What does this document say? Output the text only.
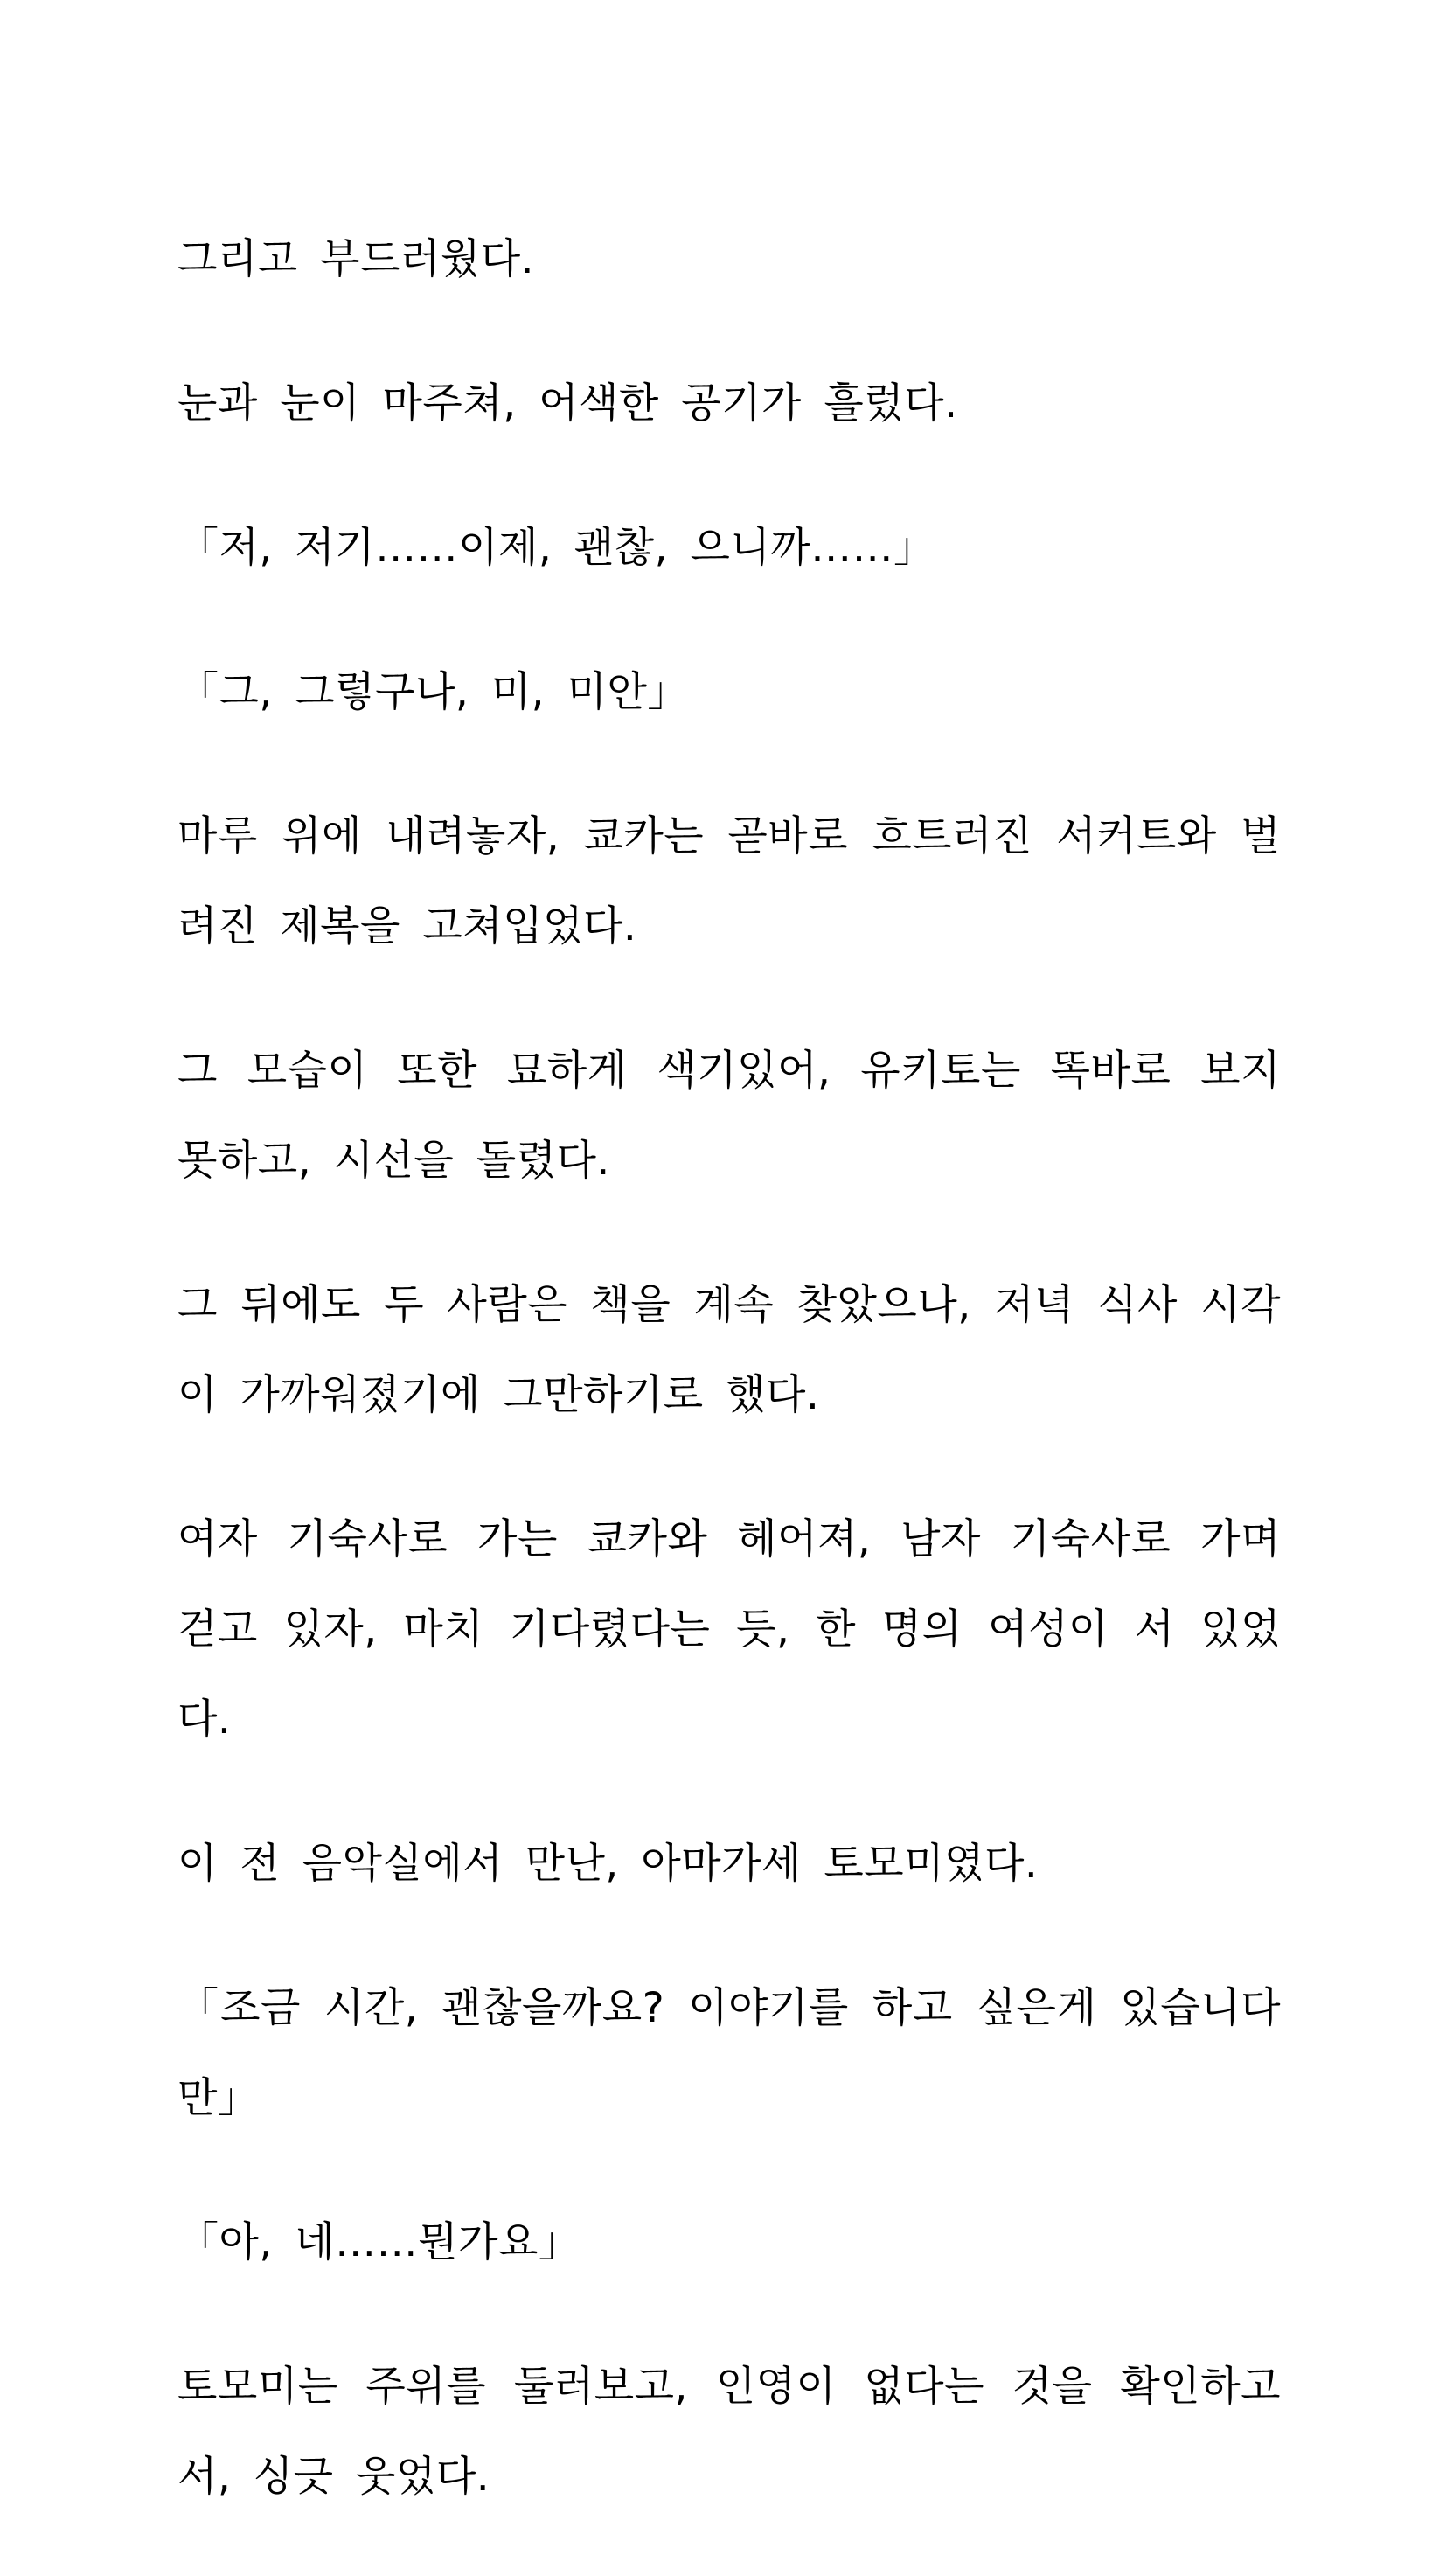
그리고 부드러웠다.

눈과 눈이 마주쳐, 어색한 공기가 흘렀다.

「저, 저기……이제, 괜찮, 으니까……」

「그, 그렇구나, 미, 미안」

마루 위에 내려놓자, 쿄카는 곧바로 흐트러진 서커트와 벌려진 제복을 고쳐입었다.

그 모습이 또한 묘하게 색기있어, 유키토는 똑바로 보지 못하고, 시선을 돌렸다.

그 뒤에도 두 사람은 책을 계속 찾았으나, 저녁 식사 시각이 가까워졌기에 그만하기로 했다.

여자 기숙사로 가는 쿄카와 헤어져, 남자 기숙사로 가며 걷고 있자, 마치 기다렸다는 듯, 한 명의 여성이 서 있었다.

이 전 음악실에서 만난, 아마가세 토모미였다.

「조금 시간, 괜찮을까요? 이야기를 하고 싶은게 있습니다만」

「아, 네……뭔가요」

토모미는 주위를 둘러보고, 인영이 없다는 것을 확인하고서, 싱긋 웃었다.
